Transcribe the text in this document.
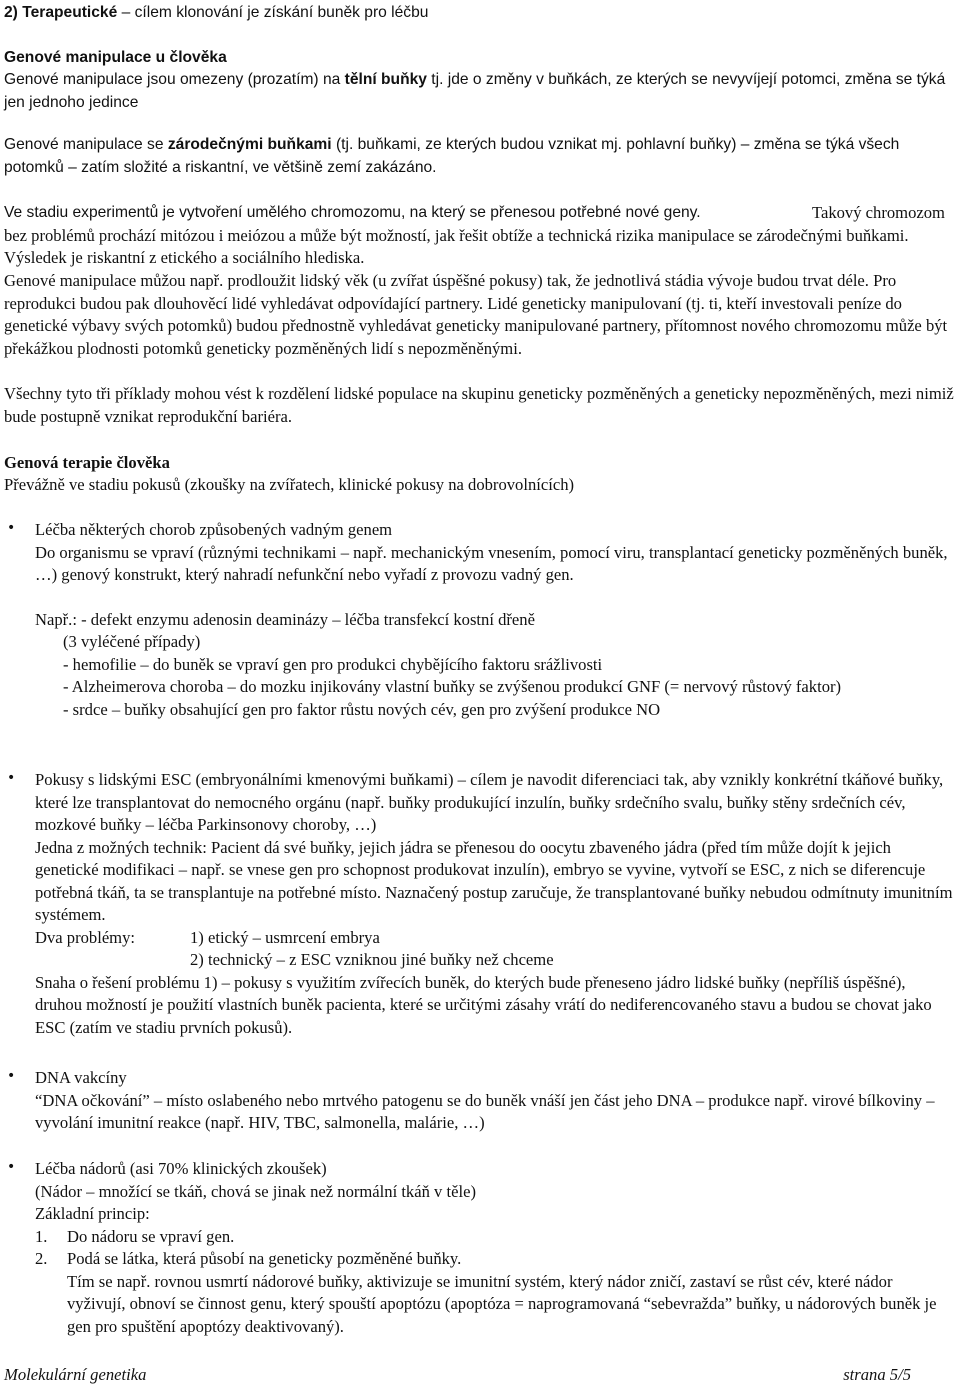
2) Terapeutické – cílem klonování je získání buněk pro léčbu
Genové manipulace u člověka
Genové manipulace jsou omezeny (prozatím) na tělní buňky tj. jde o změny v buňkách, ze kterých se nevyvíjejí potomci, změna se týká jen jednoho jedince
Genové manipulace se zárodečnými buňkami (tj. buňkami, ze kterých budou vznikat mj. pohlavní buňky) – změna se týká všech potomků – zatím složité a riskantní, ve většině zemí zakázáno.
Ve stadiu experimentů je vytvoření umělého chromozomu, na který se přenesou potřebné nové geny.	Takový chromozom bez problémů prochází mitózou i meiózou a může být možností, jak řešit obtíže a technická rizika manipulace se zárodečnými buňkami. Výsledek je riskantní z etického a sociálního hlediska.
Genové manipulace můžou např. prodloužit lidský věk (u zvířat úspěšné pokusy) tak, že jednotlivá stádia vývoje budou trvat déle. Pro reprodukci budou pak dlouhověcí lidé vyhledávat odpovídající partnery. Lidé geneticky manipulovaní (tj. ti, kteří investovali peníze do genetické výbavy svých potomků) budou přednostně vyhledávat geneticky manipulované partnery, přítomnost nového chromozomu může být překážkou plodnosti potomků geneticky pozměněných lidí s nepozměněnými.
Všechny tyto tři příklady mohou vést k rozdělení lidské populace na skupinu geneticky pozměněných a geneticky nepozměněných, mezi nimiž bude postupně vznikat reprodukční bariéra.
Genová terapie člověka
Převážně ve stadiu pokusů (zkoušky na zvířatech, klinické pokusy na dobrovolnících)
• Léčba některých chorob způsobených vadným genem

Do organismu se vpraví (různými technikami – např. mechanickým vnesením, pomocí viru, transplantací geneticky pozměněných buněk, …) genový konstrukt, který nahradí nefunkční nebo vyřadí z provozu vadný gen.

Např.: - defekt enzymu adenosin deaminázy – léčba transfekcí kostní dřeně

(3 vyléčené případy)

- hemofilie – do buněk se vpraví gen pro produkci chybějícího faktoru srážlivosti

- Alzheimerova choroba – do mozku injikovány vlastní buňky se zvýšenou produkcí GNF (= nervový růstový faktor)

- srdce – buňky obsahující gen pro faktor růstu nových cév, gen pro zvýšení produkce NO

• Pokusy s lidskými ESC (embryonálními kmenovými buňkami) – cílem je navodit diferenciaci tak, aby vznikly konkrétní tkáňové buňky, které lze transplantovat do nemocného orgánu (např. buňky produkující inzulín, buňky srdečního svalu, buňky stěny srdečních cév, mozkové buňky – léčba Parkinsonovy choroby, …)

Jedna z možných technik: Pacient dá své buňky, jejich jádra se přenesou do oocytu zbaveného jádra (před tím může dojít k jejich genetické modifikaci – např. se vnese gen pro schopnost produkovat inzulín), embryo se vyvine, vytvoří se ESC, z nich se diferencuje potřebná tkáň, ta se transplantuje na potřebné místo. Naznačený postup zaručuje, že transplantované buňky nebudou odmítnuty imunitním systémem.

Dva problémy:	1) etický – usmrcení embrya

2) technický – z ESC vzniknou jiné buňky než chceme

Snaha o řešení problému 1) – pokusy s využitím zvířecích buněk, do kterých bude přeneseno jádro lidské buňky (nepříliš úspěšné), druhou možností je použití vlastních buněk pacienta, které se určitými zásahy vrátí do nediferencovaného stavu a budou se chovat jako ESC (zatím ve stadiu prvních pokusů).

• DNA vakcíny

“DNA očkování” – místo oslabeného nebo mrtvého patogenu se do buněk vnáší jen část jeho DNA – produkce např. virové bílkoviny – vyvolání imunitní reakce (např. HIV, TBC, salmonella, malárie, …)

• Léčba nádorů (asi 70% klinických zkoušek)

(Nádor – množící se tkáň, chová se jinak než normální tkáň v těle)

Základní princip:

1. Do nádoru se vpraví gen.

2. Podá se látka, která působí na geneticky pozměněné buňky.

Tím se např. rovnou usmrtí nádorové buňky, aktivizuje se imunitní systém, který nádor zničí, zastaví se růst cév, které nádor vyživují, obnoví se činnost genu, který spouští apoptózu (apoptóza = naprogramovaná “sebevražda” buňky, u nádorových buněk je gen pro spuštění apoptózy deaktivovaný).

Molekulární genetika	strana 5/5
